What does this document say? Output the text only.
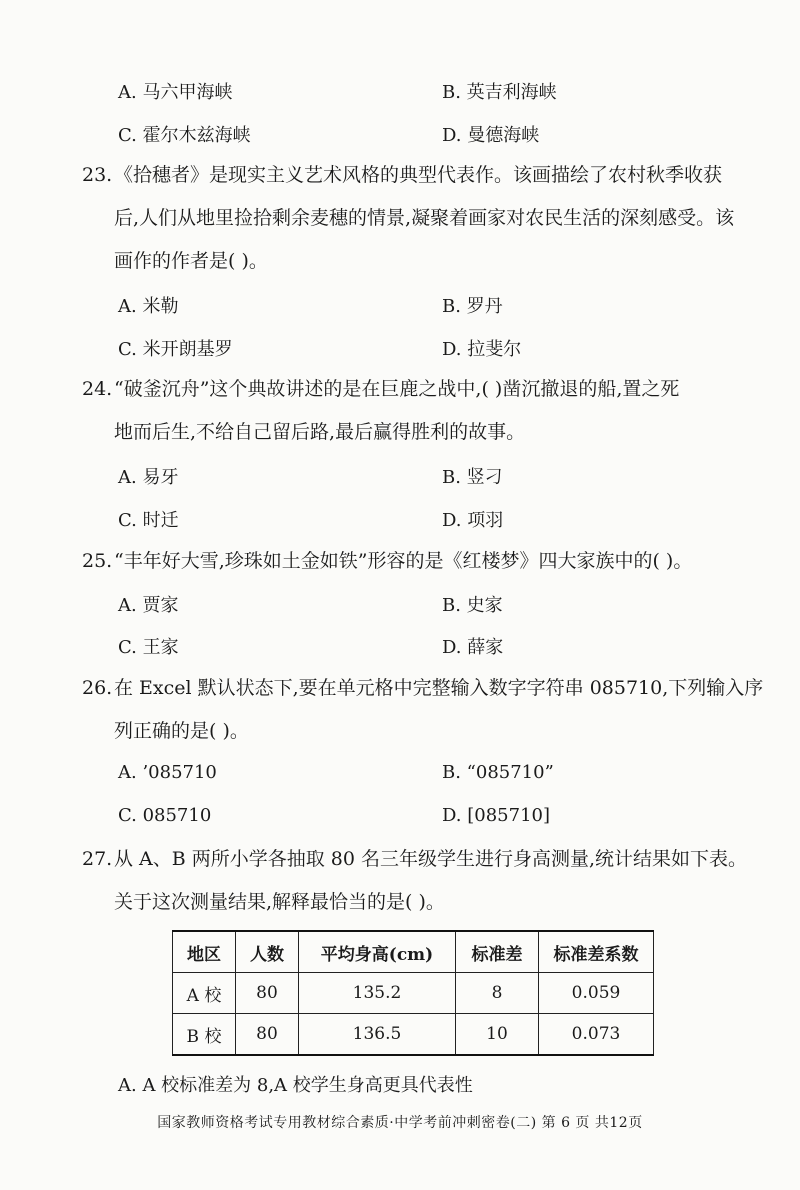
A. 马六甲海峡	B. 英吉利海峡
C. 霍尔木兹海峡	D. 曼德海峡
23.《拾穗者》是现实主义艺术风格的典型代表作。该画描绘了农村秋季收获
后,人们从地里捡拾剩余麦穗的情景,凝聚着画家对农民生活的深刻感受。该
画作的作者是( )。
A. 米勒	B. 罗丹
C. 米开朗基罗	D. 拉斐尔
24.“破釜沉舟”这个典故讲述的是在巨鹿之战中,( )凿沉撤退的船,置之死
地而后生,不给自己留后路,最后赢得胜利的故事。
A. 易牙	B. 竖刁
C. 时迁	D. 项羽
25.“丰年好大雪,珍珠如土金如铁”形容的是《红楼梦》四大家族中的( )。
A. 贾家	B. 史家
C. 王家	D. 薛家
26.在 Excel 默认状态下,要在单元格中完整输入数字字符串 085710,下列输入序
列正确的是( )。
A. ’085710	B. “085710”
C. 085710	D. [085710]
27.从 A、B 两所小学各抽取 80 名三年级学生进行身高测量,统计结果如下表。
关于这次测量结果,解释最恰当的是( )。
地区	人数	平均身高(cm)	标准差	标准差系数
A 校	80	135.2	8	0.059
B 校	80	136.5	10	0.073
A. A 校标准差为 8,A 校学生身高更具代表性
国家教师资格考试专用教材综合素质·中学考前冲刺密卷(二) 第 6 页 共12页
